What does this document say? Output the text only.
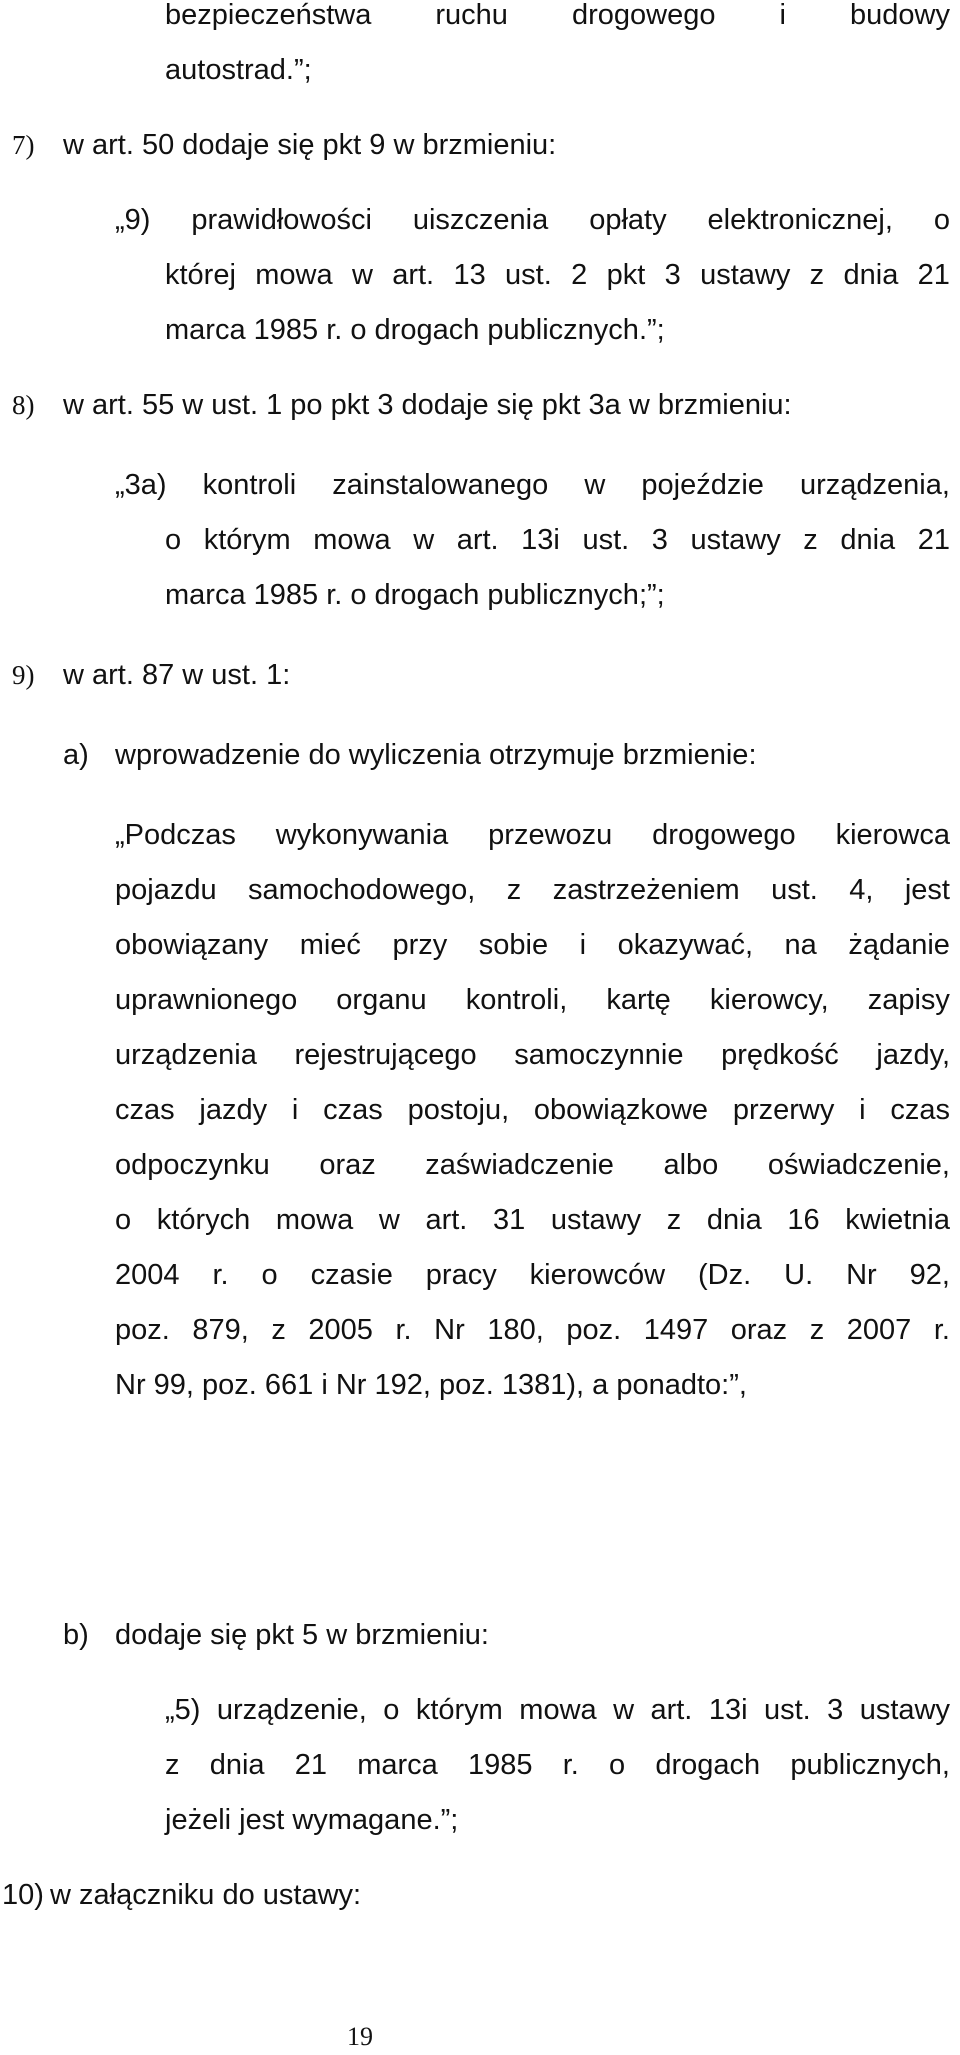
bezpieczeństwa ruchu drogowego i budowy
autostrad.”;
7) w art. 50 dodaje się pkt 9 w brzmieniu:
„9) prawidłowości uiszczenia opłaty elektronicznej, o
której mowa w art. 13 ust. 2 pkt 3 ustawy z dnia 21
marca 1985 r. o drogach publicznych.”;
8) w art. 55 w ust. 1 po pkt 3 dodaje się pkt 3a w brzmieniu:
„3a) kontroli zainstalowanego w pojeździe urządzenia,
o którym mowa w art. 13i ust. 3 ustawy z dnia 21
marca 1985 r. o drogach publicznych;”;
9) w art. 87 w ust. 1:
a) wprowadzenie do wyliczenia otrzymuje brzmienie:
„Podczas wykonywania przewozu drogowego kierowca
pojazdu samochodowego, z zastrzeżeniem ust. 4, jest
obowiązany mieć przy sobie i okazywać, na żądanie
uprawnionego organu kontroli, kartę kierowcy, zapisy
urządzenia rejestrującego samoczynnie prędkość jazdy,
czas jazdy i czas postoju, obowiązkowe przerwy i czas
odpoczynku oraz zaświadczenie albo oświadczenie,
o których mowa w art. 31 ustawy z dnia 16 kwietnia
2004 r. o czasie pracy kierowców (Dz. U. Nr 92,
poz. 879, z 2005 r. Nr 180, poz. 1497 oraz z 2007 r.
Nr 99, poz. 661 i Nr 192, poz. 1381), a ponadto:”,
b) dodaje się pkt 5 w brzmieniu:
„5) urządzenie, o którym mowa w art. 13i ust. 3 ustawy
z dnia 21 marca 1985 r. o drogach publicznych,
jeżeli jest wymagane.”;
10) w załączniku do ustawy:
19
